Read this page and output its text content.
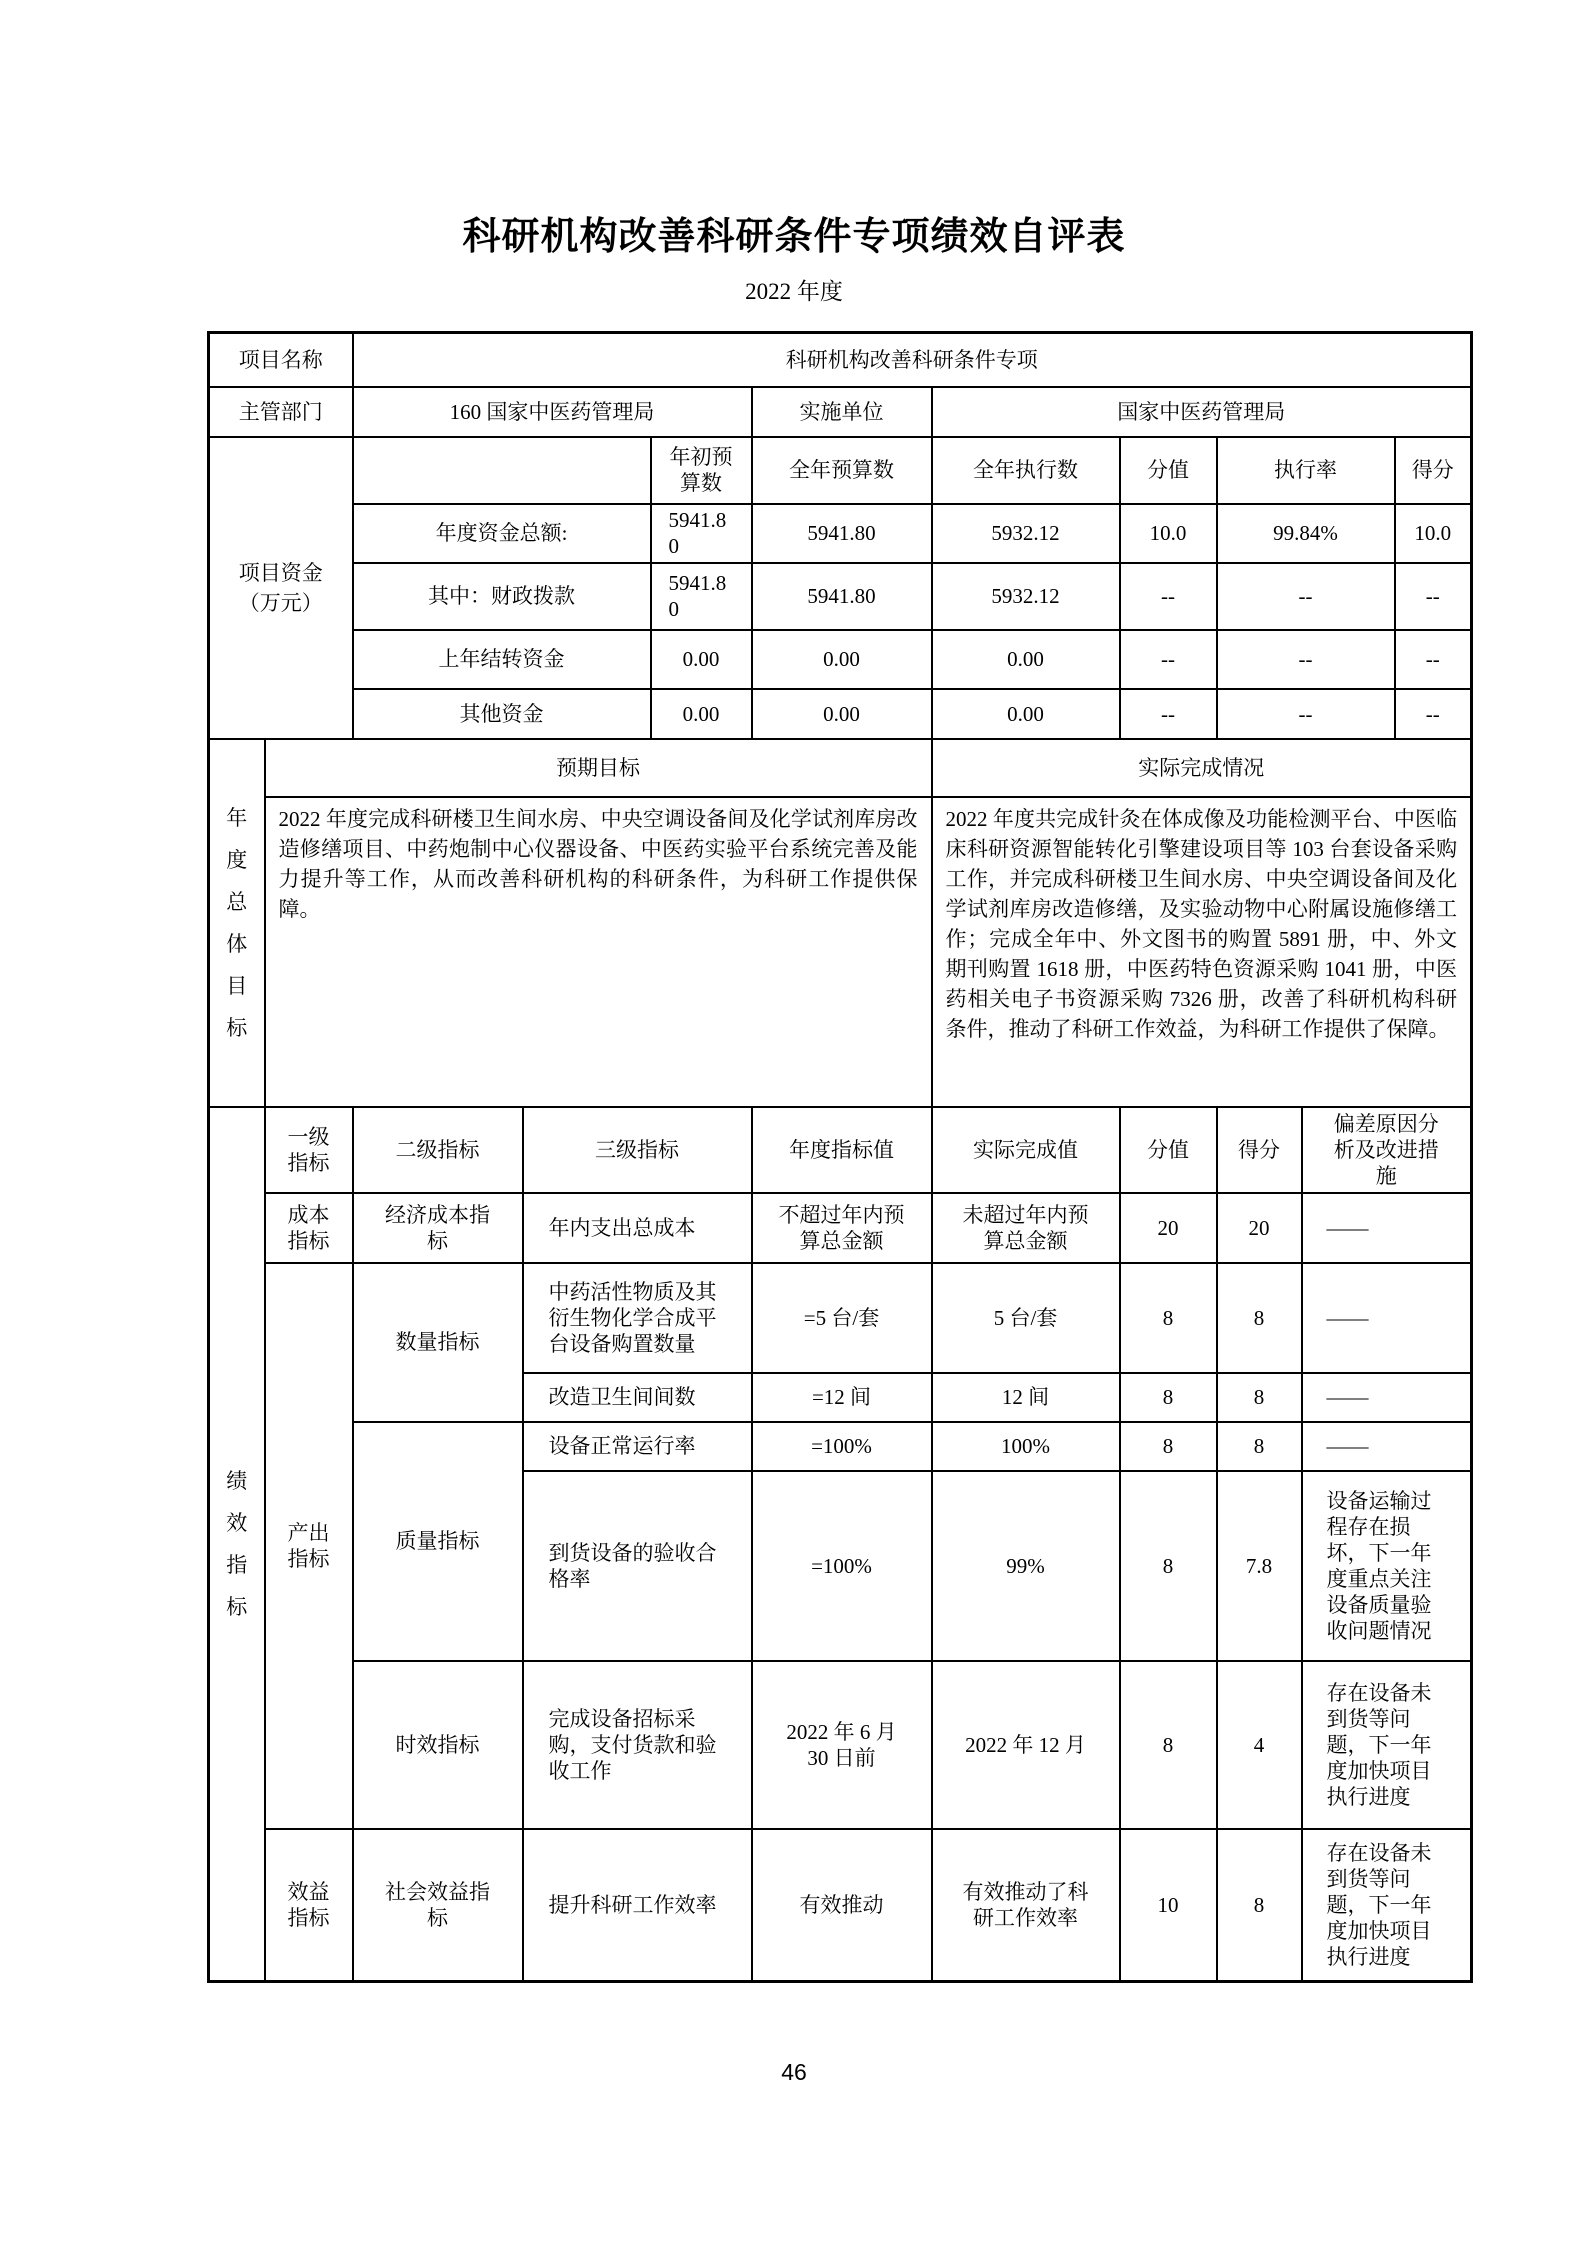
科研机构改善科研条件专项绩效自评表
2022 年度
项目名称		科研机构改善科研条件专项								
主管部门		160 国家中医药管理局			实施单位	国家中医药管理局				
项目资金（万元）				年初预算数	全年预算数	全年执行数	分值	执行率		得分
		年度资金总额:		5941.80	5941.80	5932.12	10.0	99.84%		10.0
		其中：财政拨款		5941.80	5941.80	5932.12	--	--		--
		上年结转资金		0.00	0.00	0.00	--	--		--
		其他资金		0.00	0.00	0.00	--	--		--
年度总体目标	预期目标					实际完成情况				
	2022 年度完成科研楼卫生间水房、中央空调设备间及化学试剂库房改造修缮项目、中药炮制中心仪器设备、中医药实验平台系统完善及能力提升等工作，从而改善科研机构的科研条件，为科研工作提供保障。					2022 年度共完成针灸在体成像及功能检测平台、中医临床科研资源智能转化引擎建设项目等 103 台套设备采购工作，并完成科研楼卫生间水房、中央空调设备间及化学试剂库房改造修缮，及实验动物中心附属设施修缮工作；完成全年中、外文图书的购置 5891 册，中、外文期刊购置 1618 册，中医药特色资源采购 1041 册，中医药相关电子书资源采购 7326 册，改善了科研机构科研条件，推动了科研工作效益，为科研工作提供了保障。				
绩效指标	一级指标	二级指标	三级指标		年度指标值	实际完成值	分值	得分	偏差原因分析及改进措施	
	成本指标	经济成本指标	年内支出总成本		不超过年内预算总金额	未超过年内预算总金额	20	20	——	
	产出指标	数量指标	中药活性物质及其衍生物化学合成平台设备购置数量		=5 台/套	5 台/套	8	8	——	
			改造卫生间间数		=12 间	12 间	8	8	——	
		质量指标	设备正常运行率		=100%	100%	8	8	——	
			到货设备的验收合格率		=100%	99%	8	7.8	设备运输过程存在损坏，下一年度重点关注设备质量验收问题情况	
		时效指标	完成设备招标采购，支付货款和验收工作		2022 年 6 月 30 日前	2022 年 12 月	8	4	存在设备未到货等问题，下一年度加快项目执行进度	
	效益指标	社会效益指标	提升科研工作效率		有效推动	有效推动了科研工作效率	10	8	存在设备未到货等问题，下一年度加快项目执行进度	
46
